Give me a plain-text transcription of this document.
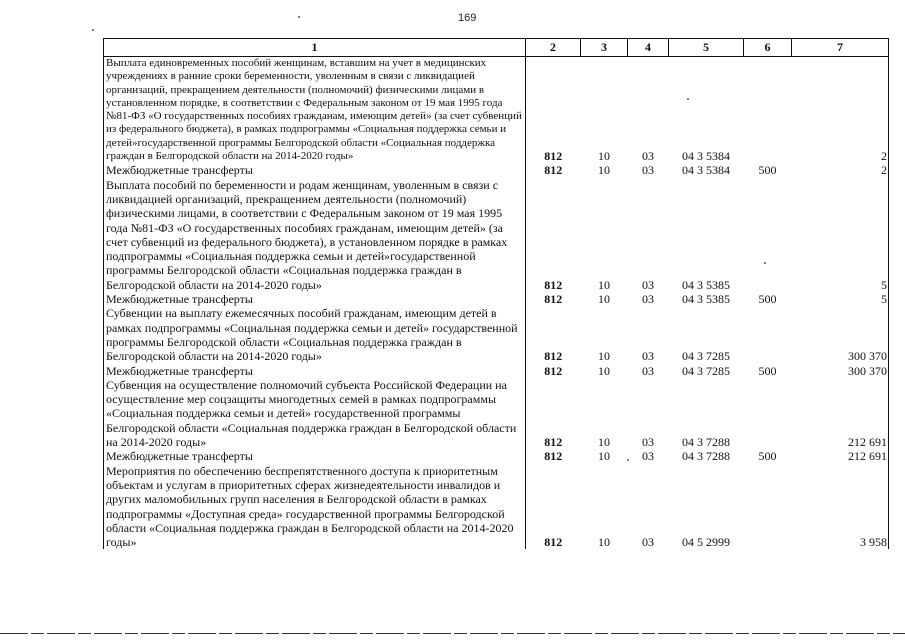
169
1	2	3	4	5	6	7
Выплата единовременных пособий женщинам, вставшим на учет в медицинских учреждениях в ранние сроки беременности, уволенным в связи с ликвидацией организаций, прекращением деятельности (полномочий) физическими лицами в установленном порядке, в соответствии с Федеральным законом от 19 мая 1995 года №81-ФЗ «О государственных пособиях гражданам, имеющим детей» (за счет субвенций из федерального бюджета), в рамках подпрограммы «Социальная поддержка семьи и детей»государственной программы Белгородской области «Социальная поддержка граждан в Белгородской области на 2014-2020 годы»	812	10	03	04 3 5384		2
Межбюджетные трансферты	812	10	03	04 3 5384	500	2
Выплата пособий по беременности и родам женщинам, уволенным в связи с ликвидацией организаций, прекращением деятельности (полномочий) физическими лицами, в соответствии с Федеральным законом от 19 мая 1995 года №81-ФЗ «О государственных пособиях гражданам, имеющим детей» (за счет субвенций из федерального бюджета), в установленном порядке в рамках подпрограммы «Социальная поддержка семьи и детей»государственной программы Белгородской области «Социальная поддержка граждан в Белгородской области на 2014-2020 годы»	812	10	03	04 3 5385		5
Межбюджетные трансферты	812	10	03	04 3 5385	500	5
Субвенции на выплату ежемесячных пособий гражданам, имеющим детей в рамках подпрограммы «Социальная поддержка семьи и детей» государственной программы Белгородской области «Социальная поддержка граждан в Белгородской области на 2014-2020 годы»	812	10	03	04 3 7285		300 370
Межбюджетные трансферты	812	10	03	04 3 7285	500	300 370
Субвенция на осуществление полномочий субъекта Российской Федерации на осуществление мер соцзащиты многодетных семей в рамках подпрограммы «Социальная поддержка семьи и детей» государственной программы Белгородской области «Социальная поддержка граждан в Белгородской области на 2014-2020 годы»	812	10	03	04 3 7288		212 691
Межбюджетные трансферты	812	10	03	04 3 7288	500	212 691
Мероприятия по обеспечению беспрепятственного доступа к приоритетным объектам и услугам в приоритетных сферах жизнедеятельности инвалидов и других маломобильных групп населения в Белгородской области в рамках подпрограммы «Доступная среда» государственной программы Белгородской области «Социальная поддержка граждан в Белгородской области на 2014-2020 годы»	812	10	03	04 5 2999		3 958
